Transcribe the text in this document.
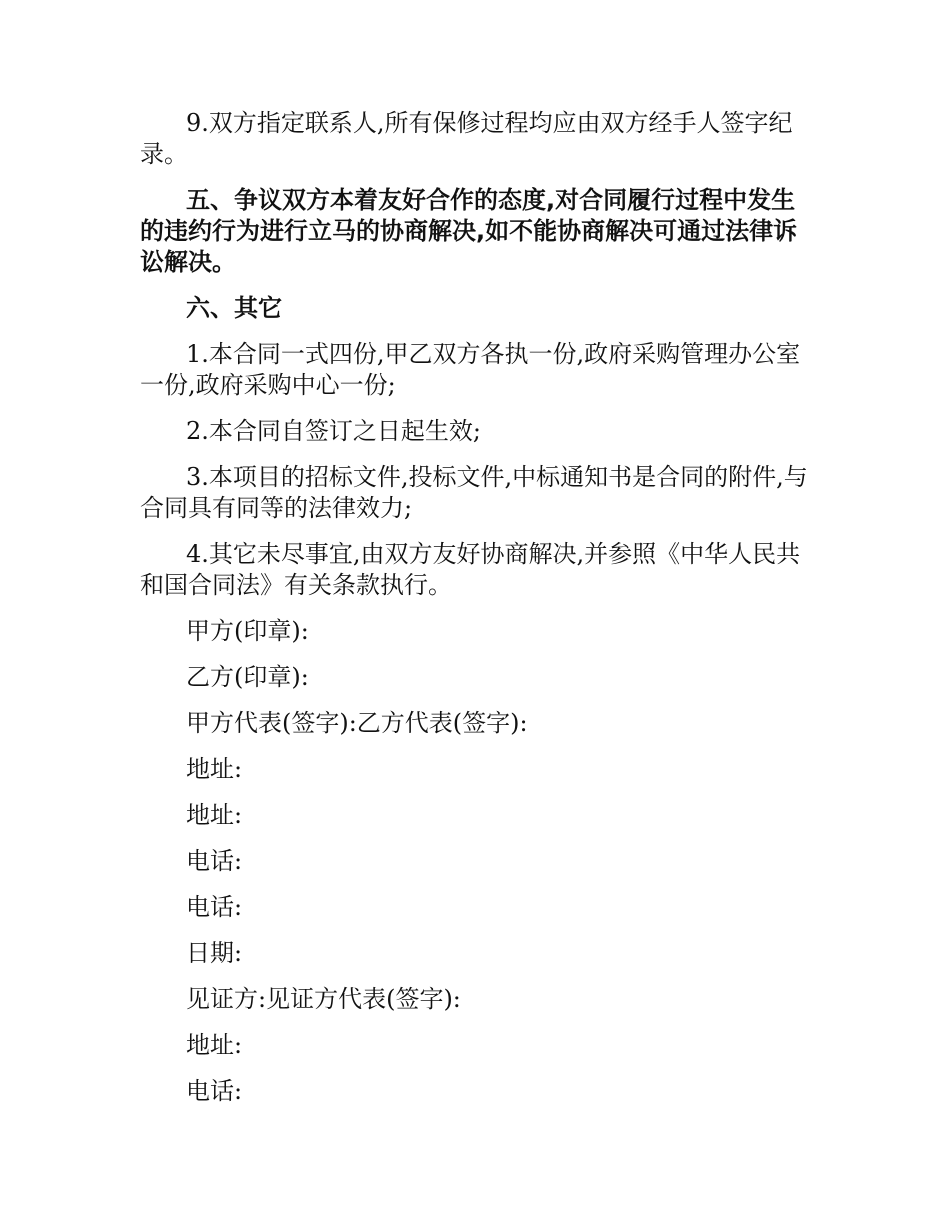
9.双方指定联系人,所有保修过程均应由双方经手人签字纪录。

五、争议双方本着友好合作的态度,对合同履行过程中发生的违约行为进行立马的协商解决,如不能协商解决可通过法律诉讼解决。

六、其它

1.本合同一式四份,甲乙双方各执一份,政府采购管理办公室一份,政府采购中心一份;

2.本合同自签订之日起生效;

3.本项目的招标文件,投标文件,中标通知书是合同的附件,与合同具有同等的法律效力;

4.其它未尽事宜,由双方友好协商解决,并参照《中华人民共和国合同法》有关条款执行。

甲方(印章):

乙方(印章):

甲方代表(签字):乙方代表(签字):

地址:

地址:

电话:

电话:

日期:

见证方:见证方代表(签字):

地址:

电话:
